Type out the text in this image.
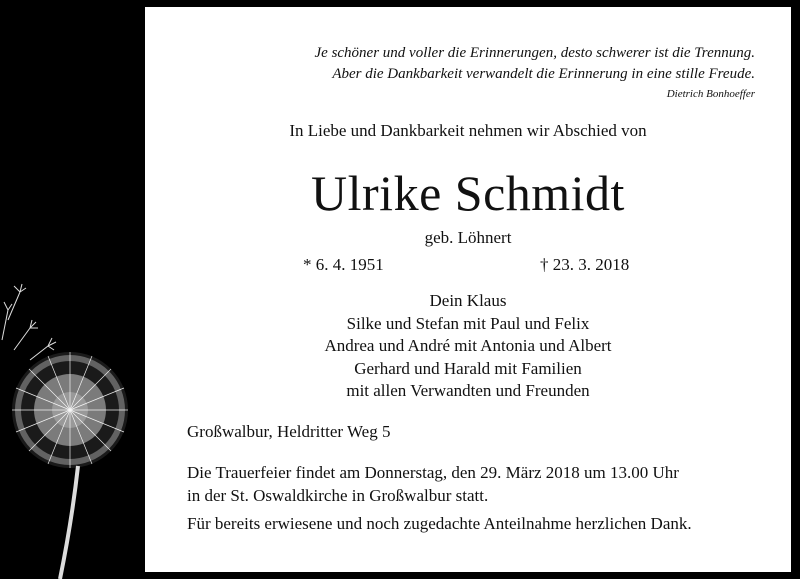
Je schöner und voller die Erinnerungen, desto schwerer ist die Trennung.
Aber die Dankbarkeit verwandelt die Erinnerung in eine stille Freude.
Dietrich Bonhoeffer
In Liebe und Dankbarkeit nehmen wir Abschied von
Ulrike Schmidt
geb. Löhnert
* 6. 4. 1951	† 23. 3. 2018
Dein Klaus
Silke und Stefan mit Paul und Felix
Andrea und André mit Antonia und Albert
Gerhard und Harald mit Familien
mit allen Verwandten und Freunden
Großwalbur, Heldritter Weg 5
Die Trauerfeier findet am Donnerstag, den 29. März 2018 um 13.00 Uhr
in der St. Oswaldkirche in Großwalbur statt.
Für bereits erwiesene und noch zugedachte Anteilnahme herzlichen Dank.
